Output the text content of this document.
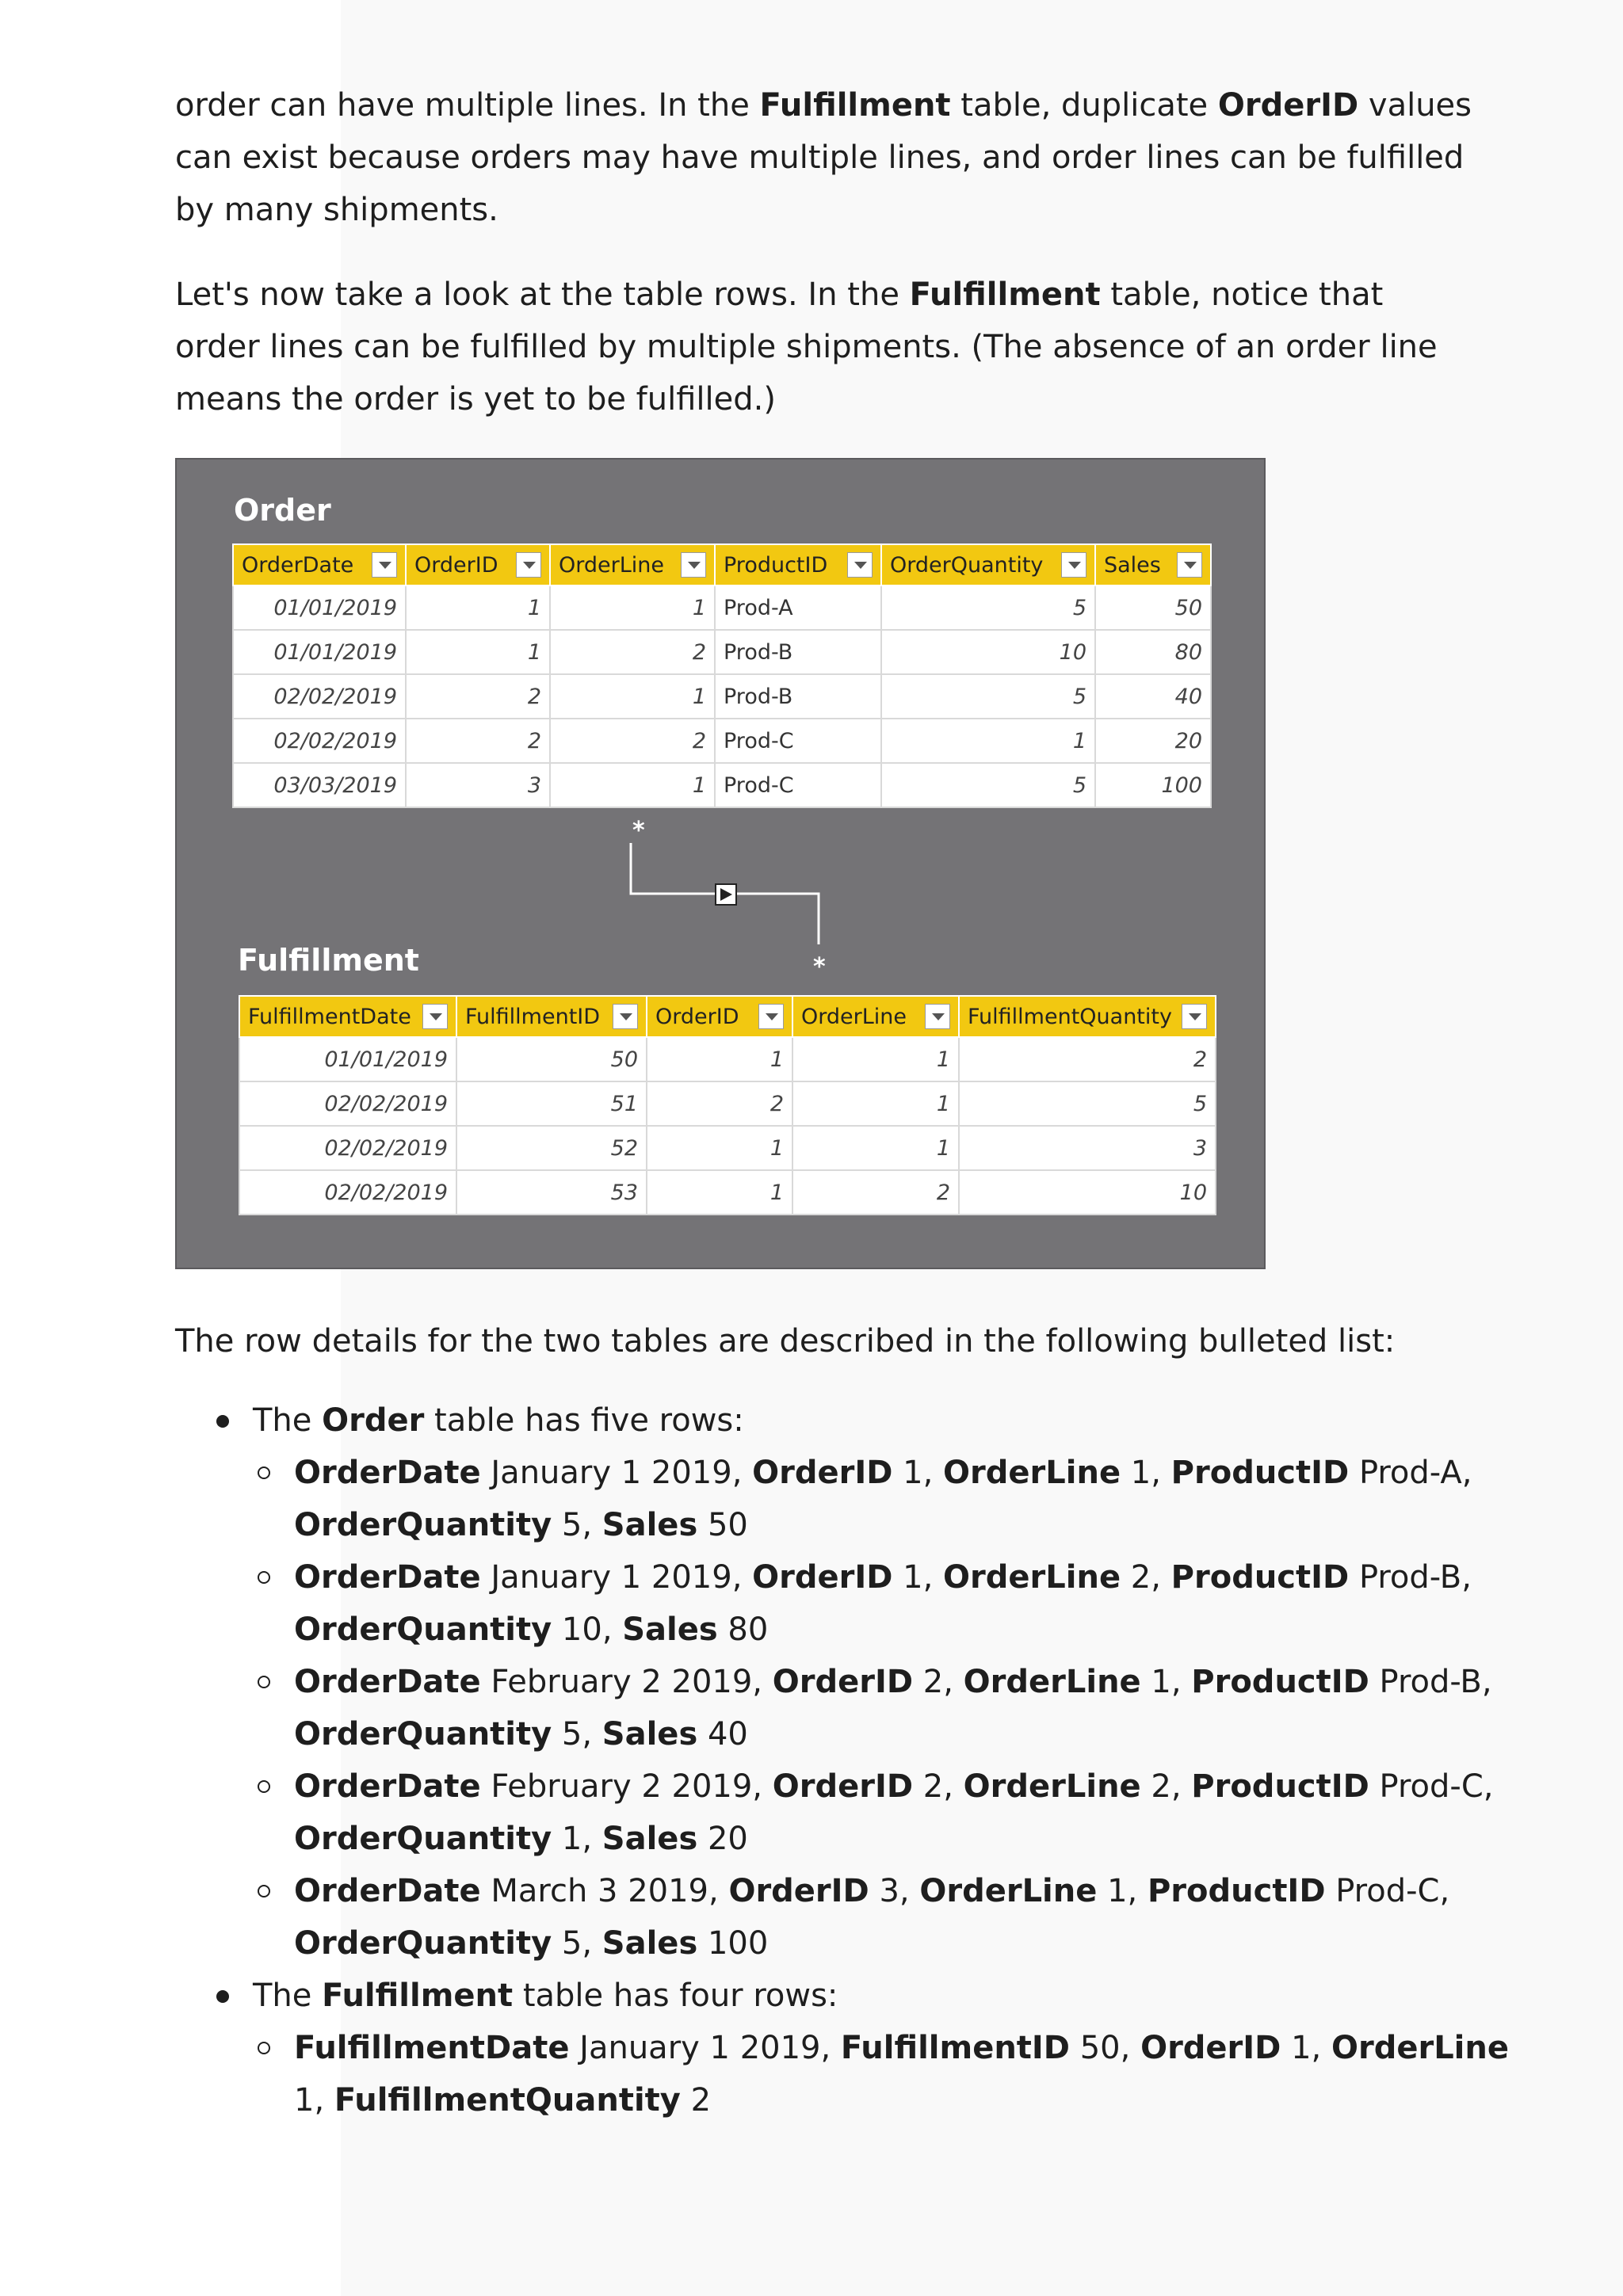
order can have multiple lines. In the Fulfillment table, duplicate OrderID values can exist because orders may have multiple lines, and order lines can be fulfilled by many shipments.

Let's now take a look at the table rows. In the Fulfillment table, notice that order lines can be fulfilled by multiple shipments. (The absence of an order line means the order is yet to be fulfilled.)

Order
OrderDate	OrderID	OrderLine	ProductID	OrderQuantity	Sales

01/01/2019	1	1	Prod-A	5	50
01/01/2019	1	2	Prod-B	10	80
02/02/2019	2	1	Prod-B	5	40
02/02/2019	2	2	Prod-C	1	20
03/03/2019	3	1	Prod-C	5	100
*
*
Fulfillment
FulfillmentDate	FulfillmentID	OrderID	OrderLine	FulfillmentQuantity

01/01/2019	50	1	1	2
02/02/2019	51	2	1	5
02/02/2019	52	1	1	3
02/02/2019	53	1	2	10

The row details for the two tables are described in the following bulleted list:

The Order table has five rows:
OrderDate January 1 2019, OrderID 1, OrderLine 1, ProductID Prod-A, OrderQuantity 5, Sales 50
OrderDate January 1 2019, OrderID 1, OrderLine 2, ProductID Prod-B, OrderQuantity 10, Sales 80
OrderDate February 2 2019, OrderID 2, OrderLine 1, ProductID Prod-B, OrderQuantity 5, Sales 40
OrderDate February 2 2019, OrderID 2, OrderLine 2, ProductID Prod-C, OrderQuantity 1, Sales 20
OrderDate March 3 2019, OrderID 3, OrderLine 1, ProductID Prod-C, OrderQuantity 5, Sales 100
The Fulfillment table has four rows:
FulfillmentDate January 1 2019, FulfillmentID 50, OrderID 1, OrderLine 1, FulfillmentQuantity 2
